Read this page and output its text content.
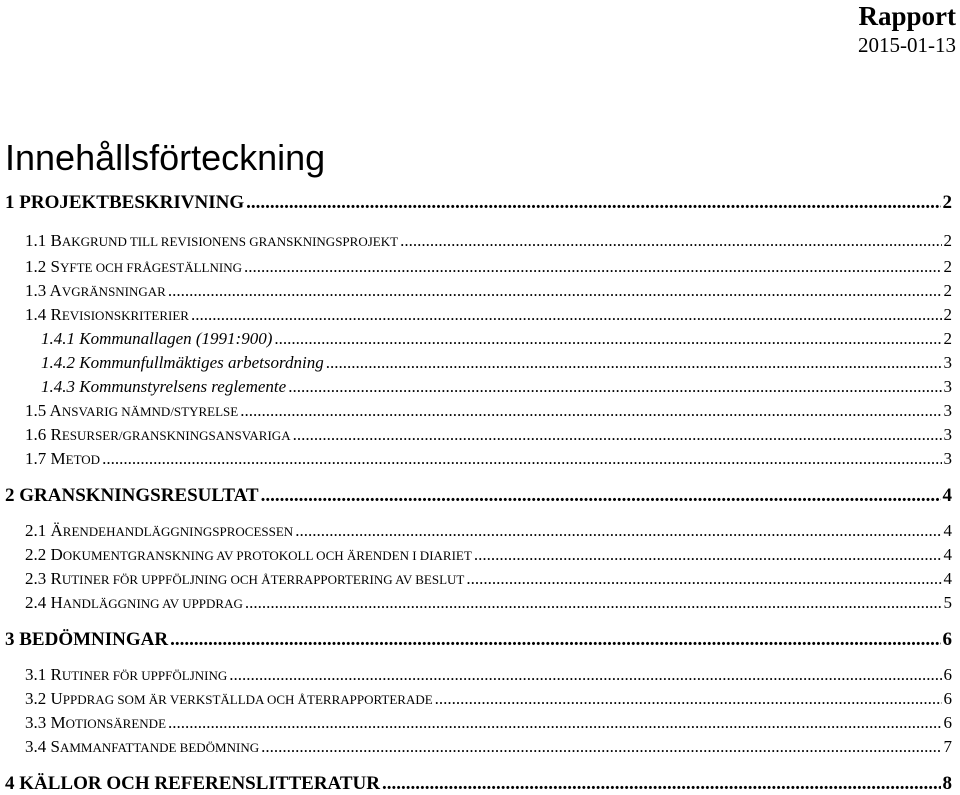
Rapport
2015-01-13
Innehållsförteckning
1 PROJEKTBESKRIVNING .....	2
1.1 BAKGRUND TILL REVISIONENS GRANSKNINGSPROJEKT .....	2
1.2 SYFTE OCH FRÅGESTÄLLNING .....	2
1.3 AVGRÄNSNINGAR .....	2
1.4 REVISIONSKRITERIER .....	2
1.4.1 Kommunallagen (1991:900) .....	2
1.4.2 Kommunfullmäktiges arbetsordning .....	3
1.4.3 Kommunstyrelsens reglemente .....	3
1.5 ANSVARIG NÄMND/STYRELSE .....	3
1.6 RESURSER/GRANSKNINGSANSVARIGA .....	3
1.7 METOD .....	3
2 GRANSKNINGSRESULTAT .....	4
2.1 ÄRENDEHANDLÄGGNINGSPROCESSEN .....	4
2.2 DOKUMENTGRANSKNING AV PROTOKOLL OCH ÄRENDEN I DIARIET .....	4
2.3 RUTINER FÖR UPPFÖLJNING OCH ÅTERRAPPORTERING AV BESLUT .....	4
2.4 HANDLÄGGNING AV UPPDRAG .....	5
3 BEDÖMNINGAR .....	6
3.1 RUTINER FÖR UPPFÖLJNING .....	6
3.2 UPPDRAG SOM ÄR VERKSTÄLLDA OCH ÅTERRAPPORTERADE .....	6
3.3 MOTIONSÄRENDE .....	6
3.4 SAMMANFATTANDE BEDÖMNING .....	7
4 KÄLLOR OCH REFERENSLITTERATUR .....	8
